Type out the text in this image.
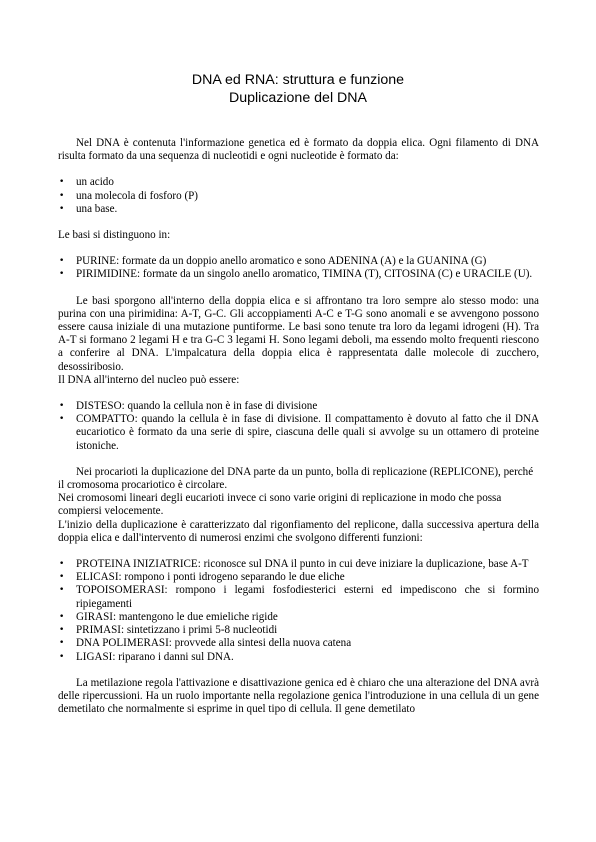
DNA ed RNA: struttura e funzione
Duplicazione del DNA

Nel DNA è contenuta l'informazione genetica ed è formato da doppia elica. Ogni filamento di DNA risulta formato da una sequenza di nucleotidi e ogni nucleotide è formato da:

• un acido
• una molecola di fosforo (P)
• una base.

Le basi si distinguono in:

• PURINE: formate da un doppio anello aromatico e sono ADENINA (A) e la GUANINA (G)
• PIRIMIDINE: formate da un singolo anello aromatico, TIMINA (T), CITOSINA (C) e URACILE (U).

Le basi sporgono all'interno della doppia elica e si affrontano tra loro sempre alo stesso modo: una purina con una pirimidina: A-T, G-C. Gli accoppiamenti A-C e T-G sono anomali e se avvengono possono essere causa iniziale di una mutazione puntiforme. Le basi sono tenute tra loro da legami idrogeni (H). Tra A-T si formano 2 legami H e tra G-C 3 legami H. Sono legami deboli, ma essendo molto frequenti riescono a conferire al DNA. L'impalcatura della doppia elica è rappresentata dalle molecole di zucchero, desossiribosio.

Il DNA all'interno del nucleo può essere:

• DISTESO: quando la cellula non è in fase di divisione
• COMPATTO: quando la cellula è in fase di divisione. Il compattamento è dovuto al fatto che il DNA eucariotico è formato da una serie di spire, ciascuna delle quali si avvolge su un ottamero di proteine istoniche.

Nei procarioti la duplicazione del DNA parte da un punto, bolla di replicazione (REPLICONE), perché il cromosoma procariotico è circolare.

Nei cromosomi lineari degli eucarioti invece ci sono varie origini di replicazione in modo che possa compiersi velocemente.

L'inizio della duplicazione è caratterizzato dal rigonfiamento del replicone, dalla successiva apertura della doppia elica e dall'intervento di numerosi enzimi che svolgono differenti funzioni:

• PROTEINA INIZIATRICE: riconosce sul DNA il punto in cui deve iniziare la duplicazione, base A-T
• ELICASI: rompono i ponti idrogeno separando le due eliche
• TOPOISOMERASI: rompono i legami fosfodiesterici esterni ed impediscono che si formino ripiegamenti
• GIRASI: mantengono le due emieliche rigide
• PRIMASI: sintetizzano i primi 5-8 nucleotidi
• DNA POLIMERASI: provvede alla sintesi della nuova catena
• LIGASI: riparano i danni sul DNA.

La metilazione regola l'attivazione e disattivazione genica ed è chiaro che una alterazione del DNA avrà delle ripercussioni. Ha un ruolo importante nella regolazione genica l'introduzione in una cellula di un gene demetilato che normalmente si esprime in quel tipo di cellula. Il gene demetilato
